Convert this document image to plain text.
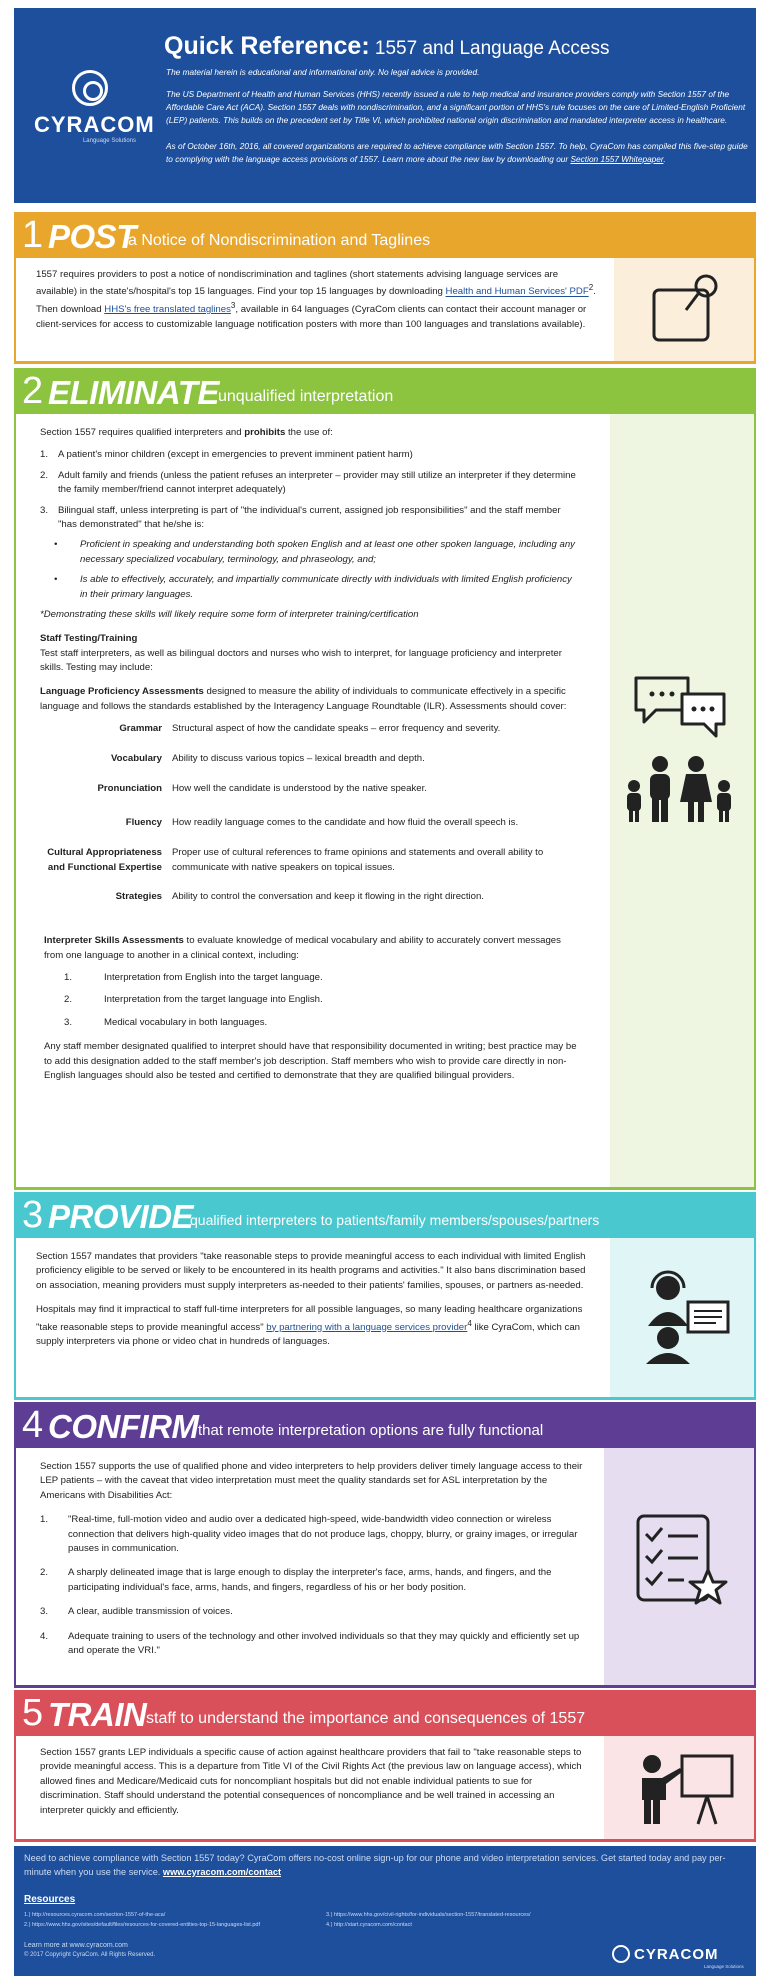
CYRACOM
Language Solutions
Quick Reference: 1557 and Language Access
The material herein is educational and informational only. No legal advice is provided.
The US Department of Health and Human Services (HHS) recently issued a rule to help medical and insurance providers comply with Section 1557 of the Affordable Care Act (ACA). Section 1557 deals with nondiscrimination, and a significant portion of HHS's rule focuses on the care of Limited-English Proficient (LEP) patients. This builds on the precedent set by Title VI, which prohibited national origin discrimination and mandated interpreter access in healthcare.
As of October 16th, 2016, all covered organizations are required to achieve compliance with Section 1557. To help, CyraCom has compiled this five-step guide to complying with the language access provisions of 1557. Learn more about the new law by downloading our Section 1557 Whitepaper.
1 POST
a Notice of Nondiscrimination and Taglines
1557 requires providers to post a notice of nondiscrimination and taglines (short statements advising language services are available) in the state's/hospital's top 15 languages. Find your top 15 languages by downloading Health and Human Services' PDF$^2$. Then download HHS's free translated taglines$^3$, available in 64 languages (CyraCom clients can contact their account manager or client-services for access to customizable language notification posters with more than 100 languages and translations available).
2 ELIMINATE unqualified interpretation
Section 1557 requires qualified interpreters and prohibits the use of:
1. A patient's minor children (except in emergencies to prevent imminent patient harm)
2. Adult family and friends (unless the patient refuses an interpreter – provider may still utilize an interpreter if they determine the family member/friend cannot interpret adequately)
3. Bilingual staff, unless interpreting is part of "the individual's current, assigned job responsibilities" and the staff member "has demonstrated" that he/she is:
• Proficient in speaking and understanding both spoken English and at least one other spoken language, including any necessary specialized vocabulary, terminology, and phraseology, and;
• Is able to effectively, accurately, and impartially communicate directly with individuals with limited English proficiency in their primary languages.
*Demonstrating these skills will likely require some form of interpreter training/certification
Staff Testing/Training
Test staff interpreters, as well as bilingual doctors and nurses who wish to interpret, for language proficiency and interpreter skills. Testing may include:
Language Proficiency Assessments designed to measure the ability of individuals to communicate effectively in a specific language and follows the standards established by the Interagency Language Roundtable (ILR). Assessments should cover:
Grammar Structural aspect of how the candidate speaks – error frequency and severity.
Vocabulary Ability to discuss various topics – lexical breadth and depth.
Pronunciation How well the candidate is understood by the native speaker.
Fluency How readily language comes to the candidate and how fluid the overall speech is.
Cultural Appropriateness and Functional Expertise
Proper use of cultural references to frame opinions and statements and overall ability to communicate with native speakers on topical issues.
Strategies Ability to control the conversation and keep it flowing in the right direction.
Interpreter Skills Assessments to evaluate knowledge of medical vocabulary and ability to accurately convert messages from one language to another in a clinical context, including:
1.	Interpretation from English into the target language.
2.	Interpretation from the target language into English.
3.	Medical vocabulary in both languages.
Any staff member designated qualified to interpret should have that responsibility documented in writing; best practice may be to add this designation added to the staff member's job description. Staff members who wish to provide care directly in non-English languages should also be tested and certified to demonstrate that they are qualified bilingual providers.
3 PROVIDE
qualified interpreters to patients/family members/spouses/partners
Section 1557 mandates that providers "take reasonable steps to provide meaningful access to each individual with limited English proficiency eligible to be served or likely to be encountered in its health programs and activities." It also bans discrimination based on association, meaning providers must supply interpreters as-needed to their patients' families, spouses, or partners as-needed.
Hospitals may find it impractical to staff full-time interpreters for all possible languages, so many leading healthcare organizations "take reasonable steps to provide meaningful access" by partnering with a language services provider$^4$ like CyraCom, which can supply interpreters via phone or video chat in hundreds of languages.
4 CONFIRM that remote interpretation options are fully functional
Section 1557 supports the use of qualified phone and video interpreters to help providers deliver timely language access to their LEP patients – with the caveat that video interpretation must meet the quality standards set for ASL interpretation by the Americans with Disabilities Act:
1. "Real-time, full-motion video and audio over a dedicated high-speed, wide-bandwidth video connection or wireless connection that delivers high-quality video images that do not produce lags, choppy, blurry, or grainy images, or irregular pauses in communication.
2. A sharply delineated image that is large enough to display the interpreter's face, arms, hands, and fingers, and the participating individual's face, arms, hands, and fingers, regardless of his or her body position.
3. A clear, audible transmission of voices.
4. Adequate training to users of the technology and other involved individuals so that they may quickly and efficiently set up and operate the VRI."
5 TRAIN staff to understand the importance and consequences of 1557
Section 1557 grants LEP individuals a specific cause of action against healthcare providers that fail to "take reasonable steps to provide meaningful access. This is a departure from Title VI of the Civil Rights Act (the previous law on language access), which allowed fines and Medicare/Medicaid cuts for noncompliant hospitals but did not enable individual patients to sue for discrimination. Staff should understand the potential consequences of noncompliance and be well trained in accessing an interpreter quickly and efficiently.
Need to achieve compliance with Section 1557 today? CyraCom offers no-cost online sign-up for our phone and video interpretation services. Get started today and pay per-minute when you use the service. www.cyracom.com/contact
Resources
1.) http://resources.cyracom.com/section-1557-of-the-aca/
2.) https://www.hhs.gov/sites/default/files/resources-for-covered-entities-top-15-languages-list.pdf
3.) https://www.hhs.gov/civil-rights/for-individuals/section-1557/translated-resources/
4.) http://start.cyracom.com/contact
Learn more at www.cyracom.com
© 2017 Copyright CyraCom. All Rights Reserved.	CYRACOM
Language Solutions
